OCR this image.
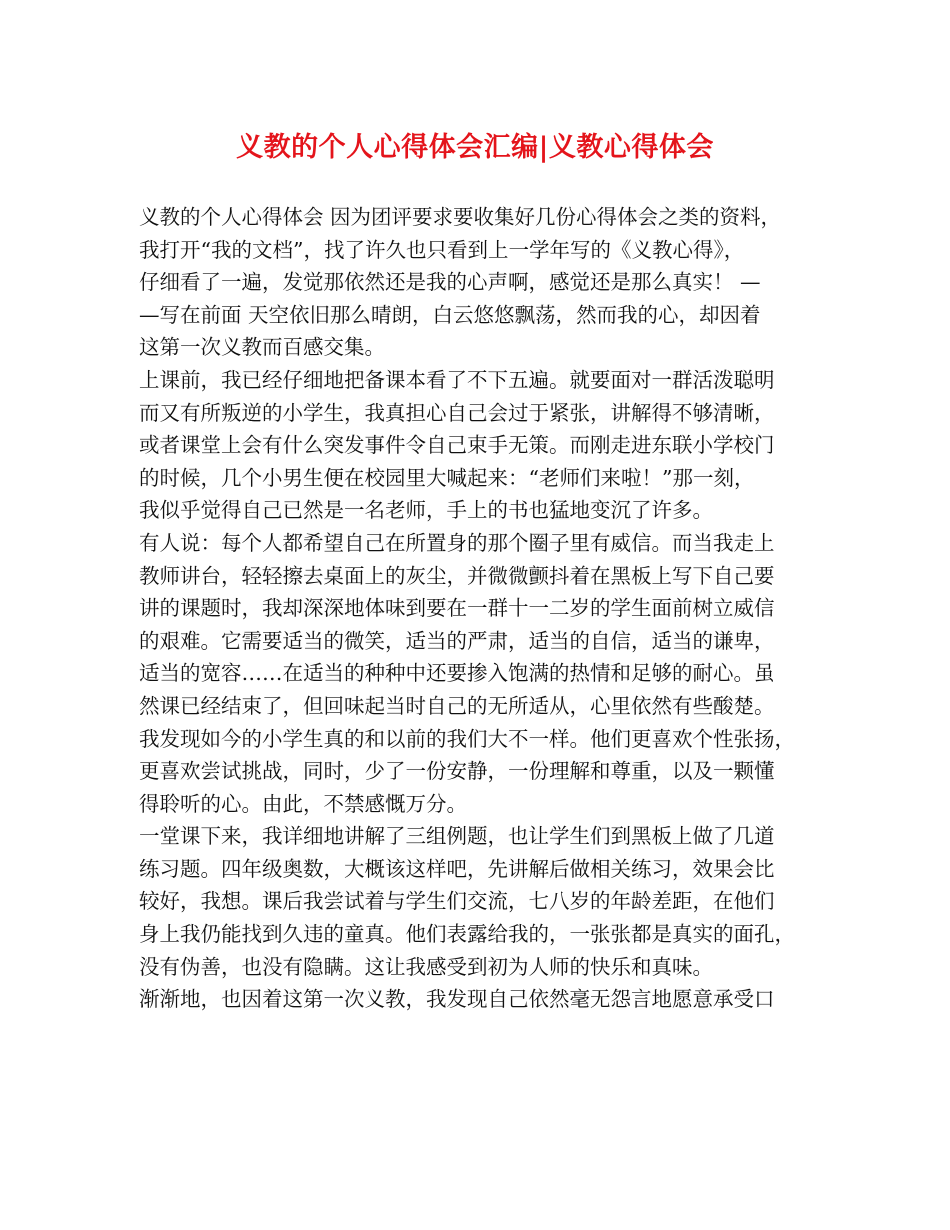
义教的个人心得体会汇编|义教心得体会
义教的个人心得体会 因为团评要求要收集好几份心得体会之类的资料，
我打开“我的文档”，找了许久也只看到上一学年写的《义教心得》，
仔细看了一遍，发觉那依然还是我的心声啊，感觉还是那么真实！ —
—写在前面 天空依旧那么晴朗，白云悠悠飘荡，然而我的心，却因着
这第一次义教而百感交集。
上课前，我已经仔细地把备课本看了不下五遍。就要面对一群活泼聪明
而又有所叛逆的小学生，我真担心自己会过于紧张，讲解得不够清晰，
或者课堂上会有什么突发事件令自己束手无策。而刚走进东联小学校门
的时候，几个小男生便在校园里大喊起来：“老师们来啦！”那一刻，
我似乎觉得自己已然是一名老师，手上的书也猛地变沉了许多。
有人说：每个人都希望自己在所置身的那个圈子里有威信。而当我走上
教师讲台，轻轻擦去桌面上的灰尘，并微微颤抖着在黑板上写下自己要
讲的课题时，我却深深地体味到要在一群十一二岁的学生面前树立威信
的艰难。它需要适当的微笑，适当的严肃，适当的自信，适当的谦卑，
适当的宽容……在适当的种种中还要掺入饱满的热情和足够的耐心。虽
然课已经结束了，但回味起当时自己的无所适从，心里依然有些酸楚。
我发现如今的小学生真的和以前的我们大不一样。他们更喜欢个性张扬，
更喜欢尝试挑战，同时，少了一份安静，一份理解和尊重，以及一颗懂
得聆听的心。由此，不禁感慨万分。
一堂课下来，我详细地讲解了三组例题，也让学生们到黑板上做了几道
练习题。四年级奥数，大概该这样吧，先讲解后做相关练习，效果会比
较好，我想。课后我尝试着与学生们交流，七八岁的年龄差距，在他们
身上我仍能找到久违的童真。他们表露给我的，一张张都是真实的面孔，
没有伪善，也没有隐瞒。这让我感受到初为人师的快乐和真味。
渐渐地，也因着这第一次义教，我发现自己依然毫无怨言地愿意承受口
